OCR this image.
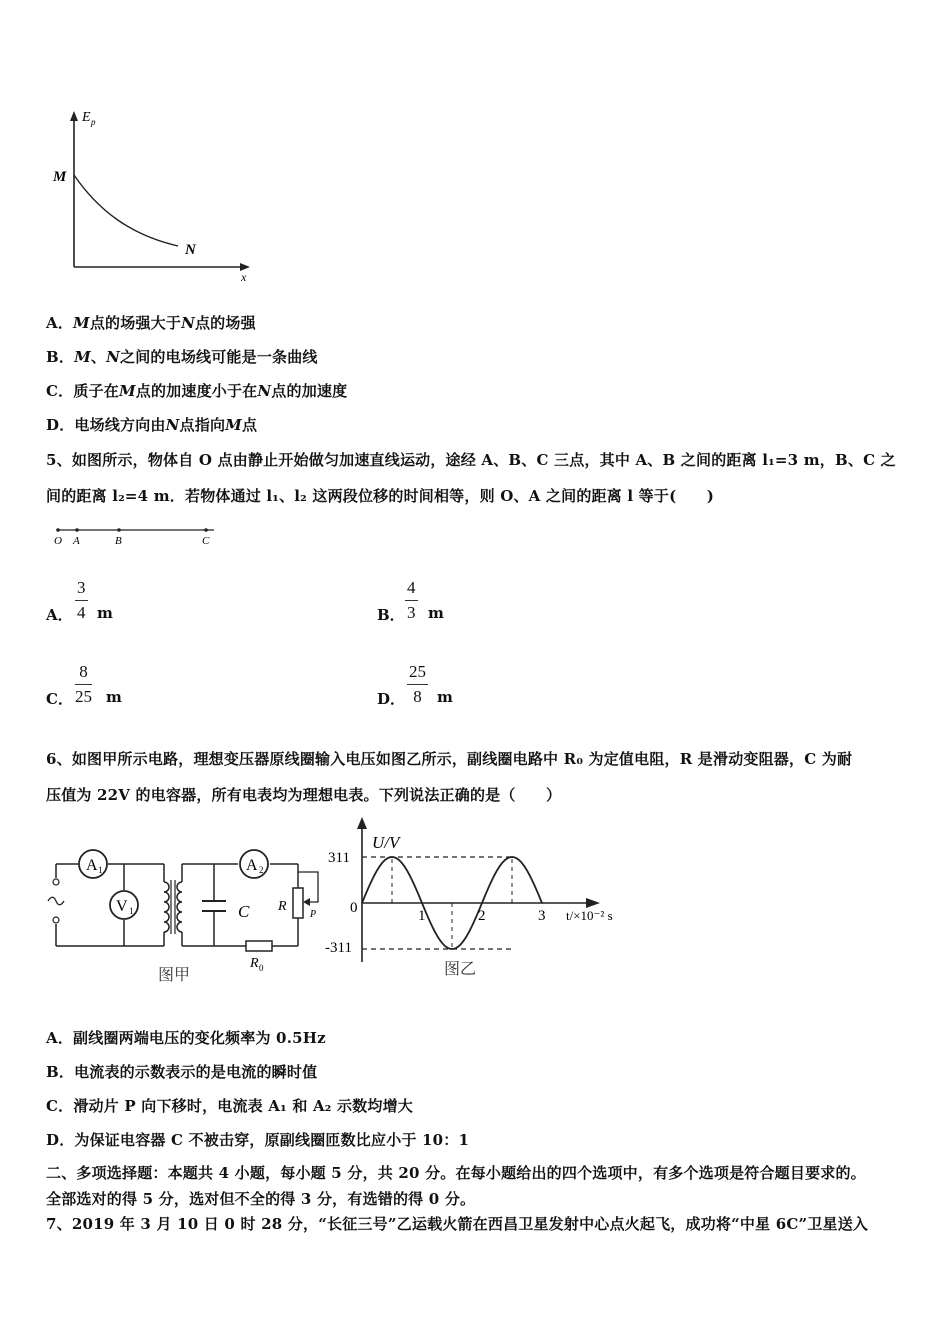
E p
x
M
N
A．M点的场强大于N点的场强
B．M、N之间的电场线可能是一条曲线
C．质子在M点的加速度小于在N点的加速度
D．电场线方向由N点指向M点
5、如图所示，物体自 O 点由静止开始做匀加速直线运动，途经 A、B、C 三点，其中 A、B 之间的距离 l₁=3 m，B、C 之
间的距离 l₂=4 m．若物体通过 l₁、l₂ 这两段位移的时间相等，则 O、A 之间的距离 l 等于(　　)
O A	B	C
A． $\frac{3}{4}$ m	B． $\frac{4}{3}$ m
C． $\frac{8}{25}$ m	D． $\frac{25}{8}$ m
6、如图甲所示电路，理想变压器原线圈输入电压如图乙所示，副线圈电路中 R₀ 为定值电阻，R 是滑动变阻器，C 为耐
压值为 22V 的电容器，所有电表均为理想电表。下列说法正确的是（　　）
A 1
V 1	C
A 2
R
P
R 0
图甲
1	2	3
U/V
t/×10⁻² s
0
311
-311
图乙
A．副线圈两端电压的变化频率为 0.5Hz
B．电流表的示数表示的是电流的瞬时值
C．滑动片 P 向下移时，电流表 A₁ 和 A₂ 示数均增大
D．为保证电容器 C 不被击穿，原副线圈匝数比应小于 10：1
二、多项选择题：本题共 4 小题，每小题 5 分，共 20 分。在每小题给出的四个选项中，有多个选项是符合题目要求的。
全部选对的得 5 分，选对但不全的得 3 分，有选错的得 0 分。
7、2019 年 3 月 10 日 0 时 28 分，“长征三号”乙运载火箭在西昌卫星发射中心点火起飞，成功将“中星 6C”卫星送入
